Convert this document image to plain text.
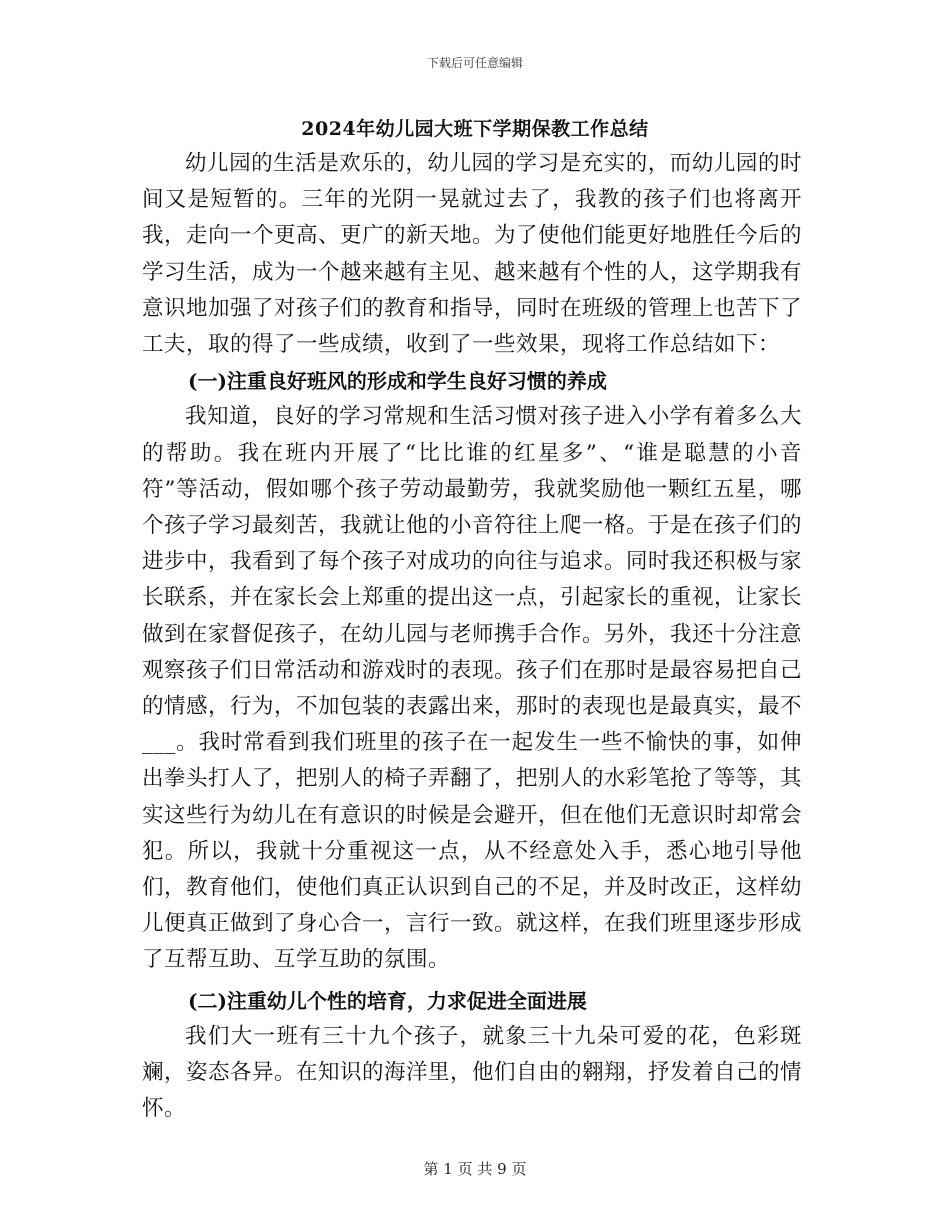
下载后可任意编辑
2024年幼儿园大班下学期保教工作总结

幼儿园的生活是欢乐的，幼儿园的学习是充实的，而幼儿园的时间又是短暂的。三年的光阴一晃就过去了，我教的孩子们也将离开我，走向一个更高、更广的新天地。为了使他们能更好地胜任今后的学习生活，成为一个越来越有主见、越来越有个性的人，这学期我有意识地加强了对孩子们的教育和指导，同时在班级的管理上也苦下了工夫，取的得了一些成绩，收到了一些效果，现将工作总结如下：

(一)注重良好班风的形成和学生良好习惯的养成

我知道，良好的学习常规和生活习惯对孩子进入小学有着多么大的帮助。我在班内开展了“比比谁的红星多”、“谁是聪慧的小音符”等活动，假如哪个孩子劳动最勤劳，我就奖励他一颗红五星，哪个孩子学习最刻苦，我就让他的小音符往上爬一格。于是在孩子们的进步中，我看到了每个孩子对成功的向往与追求。同时我还积极与家长联系，并在家长会上郑重的提出这一点，引起家长的重视，让家长做到在家督促孩子，在幼儿园与老师携手合作。另外，我还十分注意观察孩子们日常活动和游戏时的表现。孩子们在那时是最容易把自己的情感，行为，不加包装的表露出来，那时的表现也是最真实，最不___。我时常看到我们班里的孩子在一起发生一些不愉快的事，如伸出拳头打人了，把别人的椅子弄翻了，把别人的水彩笔抢了等等，其实这些行为幼儿在有意识的时候是会避开，但在他们无意识时却常会犯。所以，我就十分重视这一点，从不经意处入手，悉心地引导他们，教育他们，使他们真正认识到自己的不足，并及时改正，这样幼儿便真正做到了身心合一，言行一致。就这样，在我们班里逐步形成了互帮互助、互学互助的氛围。

(二)注重幼儿个性的培育，力求促进全面进展

我们大一班有三十九个孩子，就象三十九朵可爱的花，色彩斑斓，姿态各异。在知识的海洋里，他们自由的翱翔，抒发着自己的情怀。

第 1 页 共 9 页
